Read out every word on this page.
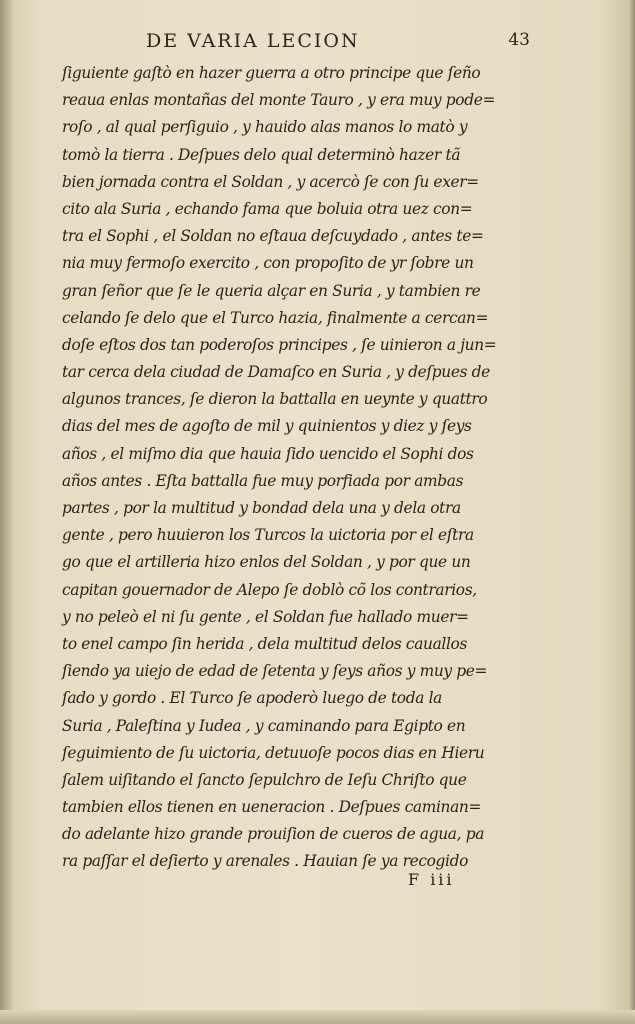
DE VARIA LECION	43
ſiguiente gaſtò en hazer guerra a otro principe que ſeño
reaua enlas montañas del monte Tauro , y era muy pode=
roſo , al qual perſiguio , y hauido alas manos lo matò y
tomò la tierra . Deſpues delo qual determinò hazer tã
bien jornada contra el Soldan , y acercò ſe con ſu exer=
cito ala Suria , echando fama que boluia otra uez con=
tra el Sophi , el Soldan no eſtaua deſcuydado , antes te=
nia muy fermoſo exercito , con propoſito de yr ſobre un
gran ſeñor que ſe le queria alçar en Suria , y tambien re
celando ſe delo que el Turco hazia, finalmente a cercan=
doſe eſtos dos tan poderoſos principes , ſe uinieron a jun=
tar cerca dela ciudad de Damaſco en Suria , y deſpues de
algunos trances, ſe dieron la battalla en ueynte y quattro
dias del mes de agoſto de mil y quinientos y diez y ſeys
años , el miſmo dia que hauia ſido uencido el Sophi dos
años antes . Eſta battalla fue muy porfiada por ambas
partes , por la multitud y bondad dela una y dela otra
gente , pero huuieron los Turcos la uictoria por el eſtra
go que el artilleria hizo enlos del Soldan , y por que un
capitan gouernador de Alepo ſe doblò cõ los contrarios,
y no peleò el ni ſu gente , el Soldan fue hallado muer=
to enel campo ſin herida , dela multitud delos cauallos
ſiendo ya uiejo de edad de ſetenta y ſeys años y muy pe=
ſado y gordo . El Turco ſe apoderò luego de toda la
Suria , Paleſtina y Iudea , y caminando para Egipto en
ſeguimiento de ſu uictoria, detuuoſe pocos dias en Hieru
ſalem uiſitando el ſancto ſepulchro de Ieſu Chriſto que
tambien ellos tienen en ueneracion . Deſpues caminan=
do adelante hizo grande prouiſion de cueros de agua, pa
ra paſſar el deſierto y arenales . Hauian ſe ya recogido
F iii
